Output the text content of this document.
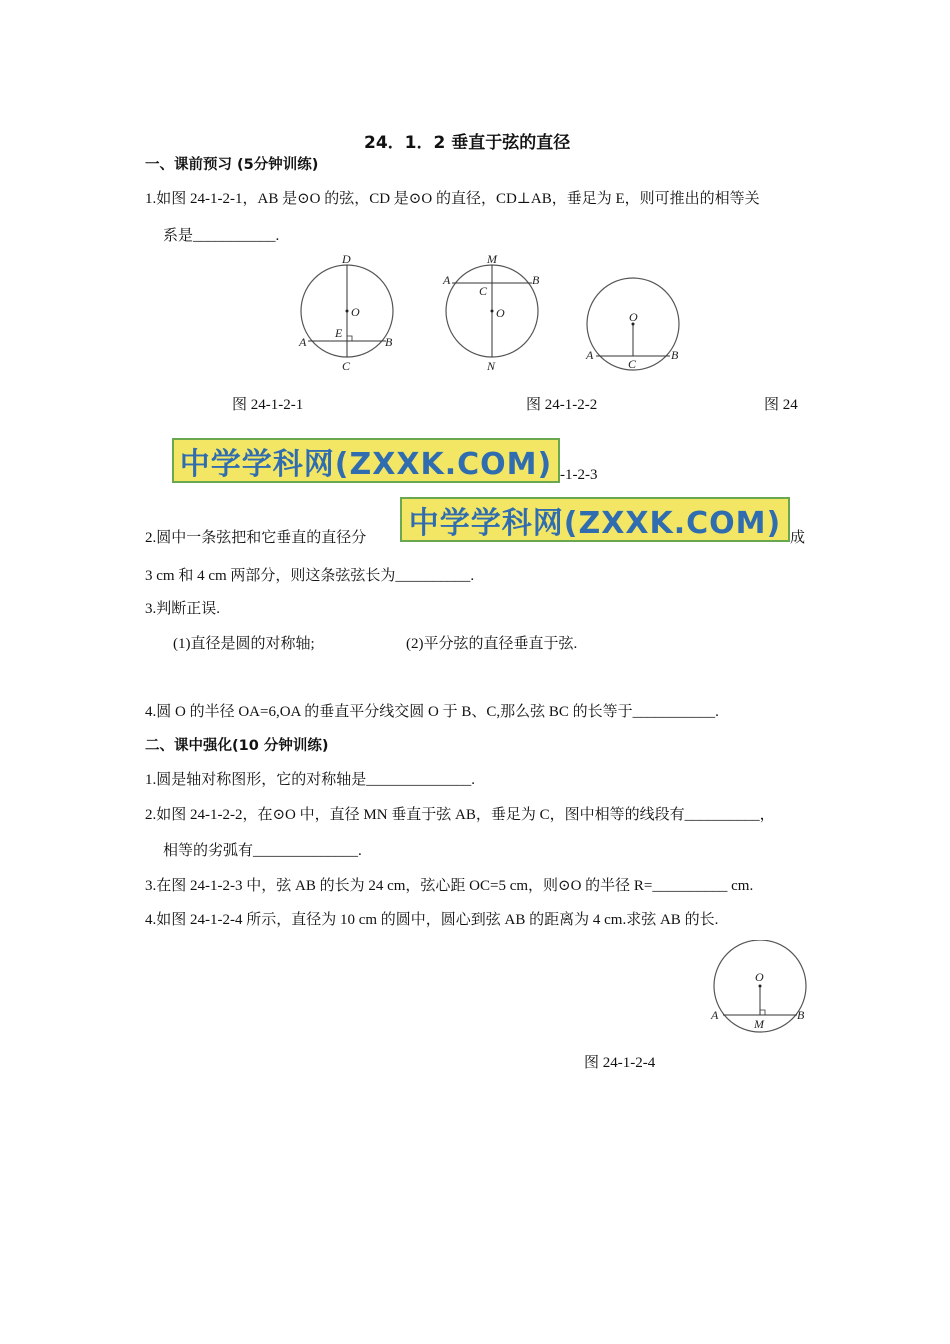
24．1．2 垂直于弦的直径
一、课前预习 (5分钟训练)
1.如图 24-1-2-1，AB 是⊙O 的弦，CD 是⊙O 的直径，CD⊥AB，垂足为 E，则可推出的相等关
系是___________.
D
O
E
A	B
C
M
A	B
C
O
N
O
A
C
B
图 24-1-2-1	图 24-1-2-2	图 24
中学学科网(ZXXK.COM) -1-2-3
2.圆中一条弦把和它垂直的直径分 中学学科网(ZXXK.COM) 成
3 cm 和 4 cm 两部分，则这条弦弦长为__________.
3.判断正误.
(1)直径是圆的对称轴;	(2)平分弦的直径垂直于弦.
4.圆 O 的半径 OA=6,OA 的垂直平分线交圆 O 于 B、C,那么弦 BC 的长等于___________.
二、课中强化(10 分钟训练)
1.圆是轴对称图形，它的对称轴是______________.
2.如图 24-1-2-2，在⊙O 中，直径 MN 垂直于弦 AB，垂足为 C，图中相等的线段有__________，
相等的劣弧有______________.
3.在图 24-1-2-3 中，弦 AB 的长为 24 cm，弦心距 OC=5 cm，则⊙O 的半径 R=__________ cm.
4.如图 24-1-2-4 所示，直径为 10 cm 的圆中，圆心到弦 AB 的距离为 4 cm.求弦 AB 的长.
O
A
M
B
图 24-1-2-4
